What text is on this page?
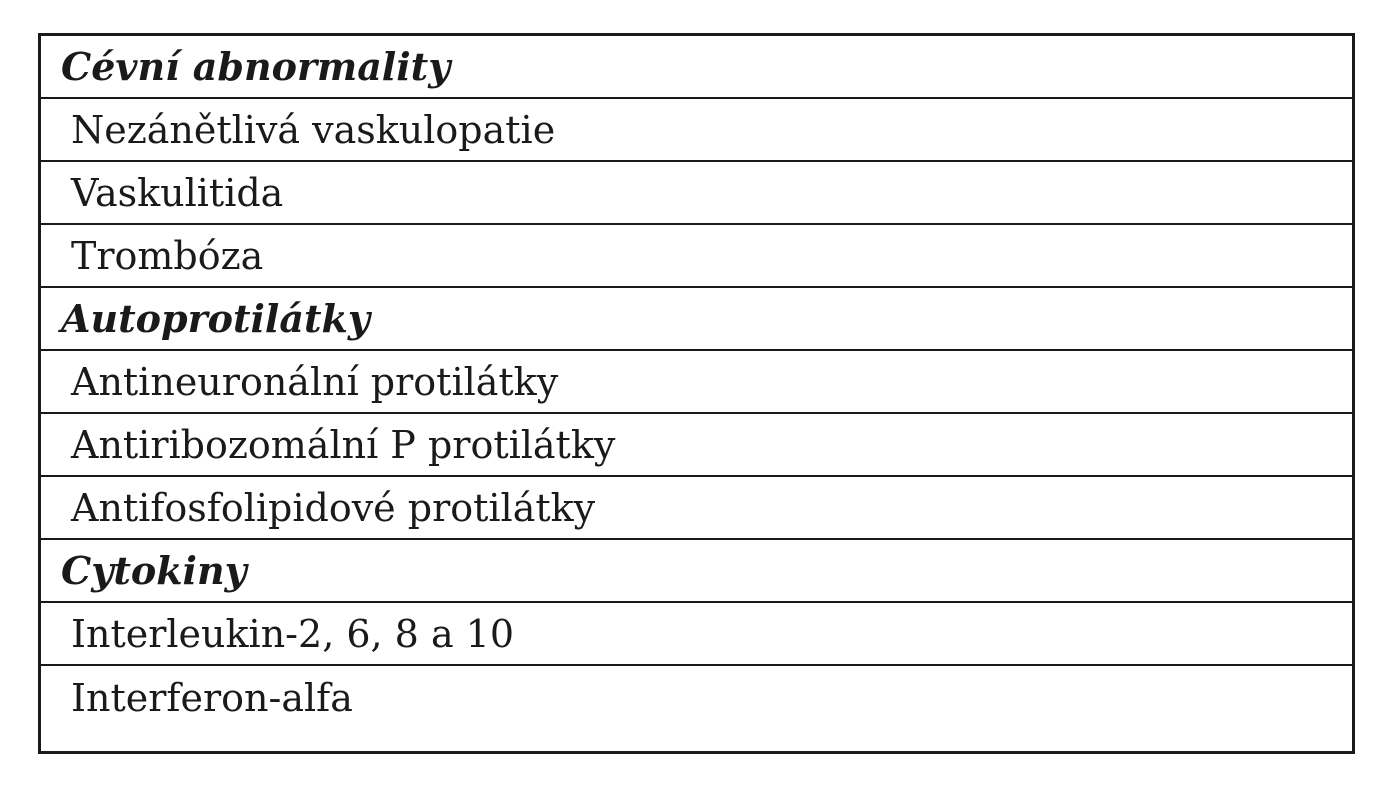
Cévní abnormality
Nezánětlivá vaskulopatie
Vaskulitida
Trombóza
Autoprotilátky
Antineuronální protilátky
Antiribozomální P protilátky
Antifosfolipidové protilátky
Cytokiny
Interleukin-2, 6, 8 a 10
Interferon-alfa
